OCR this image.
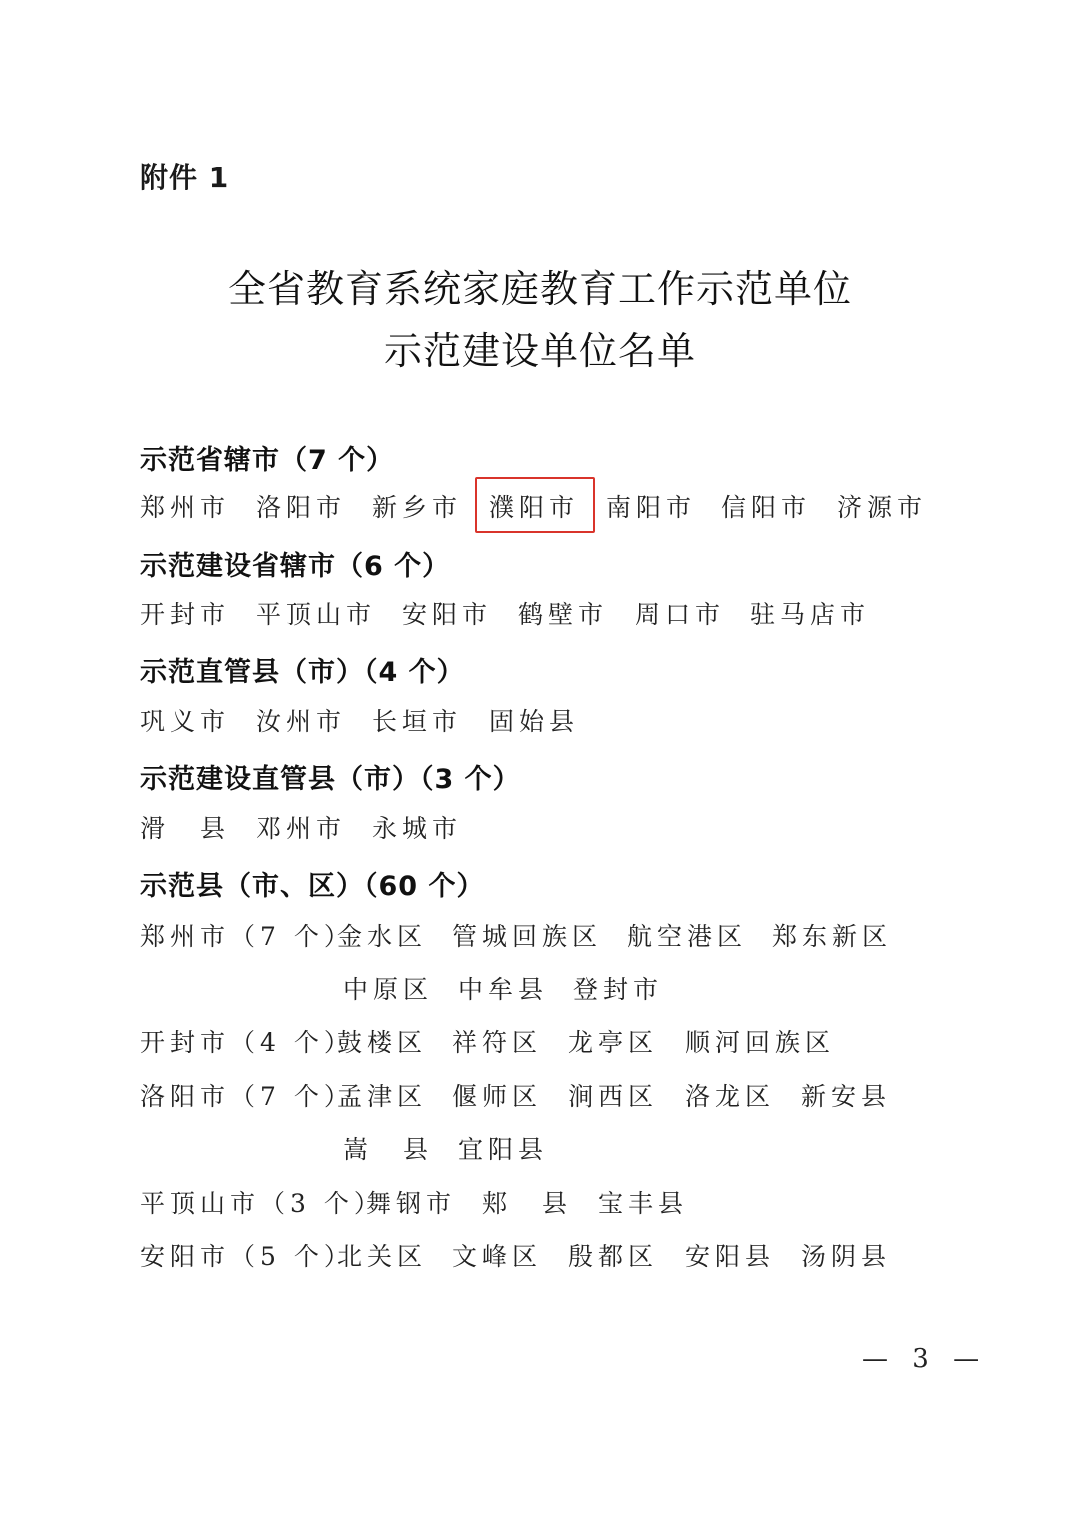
附件 1
全省教育系统家庭教育工作示范单位
示范建设单位名单
示范省辖市（7 个）
郑州市 洛阳市 新乡市 濮阳市 南阳市 信阳市 济源市
示范建设省辖市（6 个）
开封市 平顶山市 安阳市 鹤壁市 周口市 驻马店市
示范直管县（市）（4 个）
巩义市 汝州市 长垣市 固始县
示范建设直管县（市）（3 个）
滑　县 邓州市 永城市
示范县（市、区）（60 个）
郑州市（7 个）
金水区 管城回族区 航空港区 郑东新区
中原区 中牟县 登封市
开封市（4 个）
鼓楼区 祥符区 龙亭区 顺河回族区
洛阳市（7 个）
孟津区 偃师区 涧西区 洛龙区 新安县
嵩　县 宜阳县
平顶山市（3 个）
舞钢市 郏　县 宝丰县
安阳市（5 个）
北关区 文峰区 殷都区 安阳县 汤阴县
— 3 —
